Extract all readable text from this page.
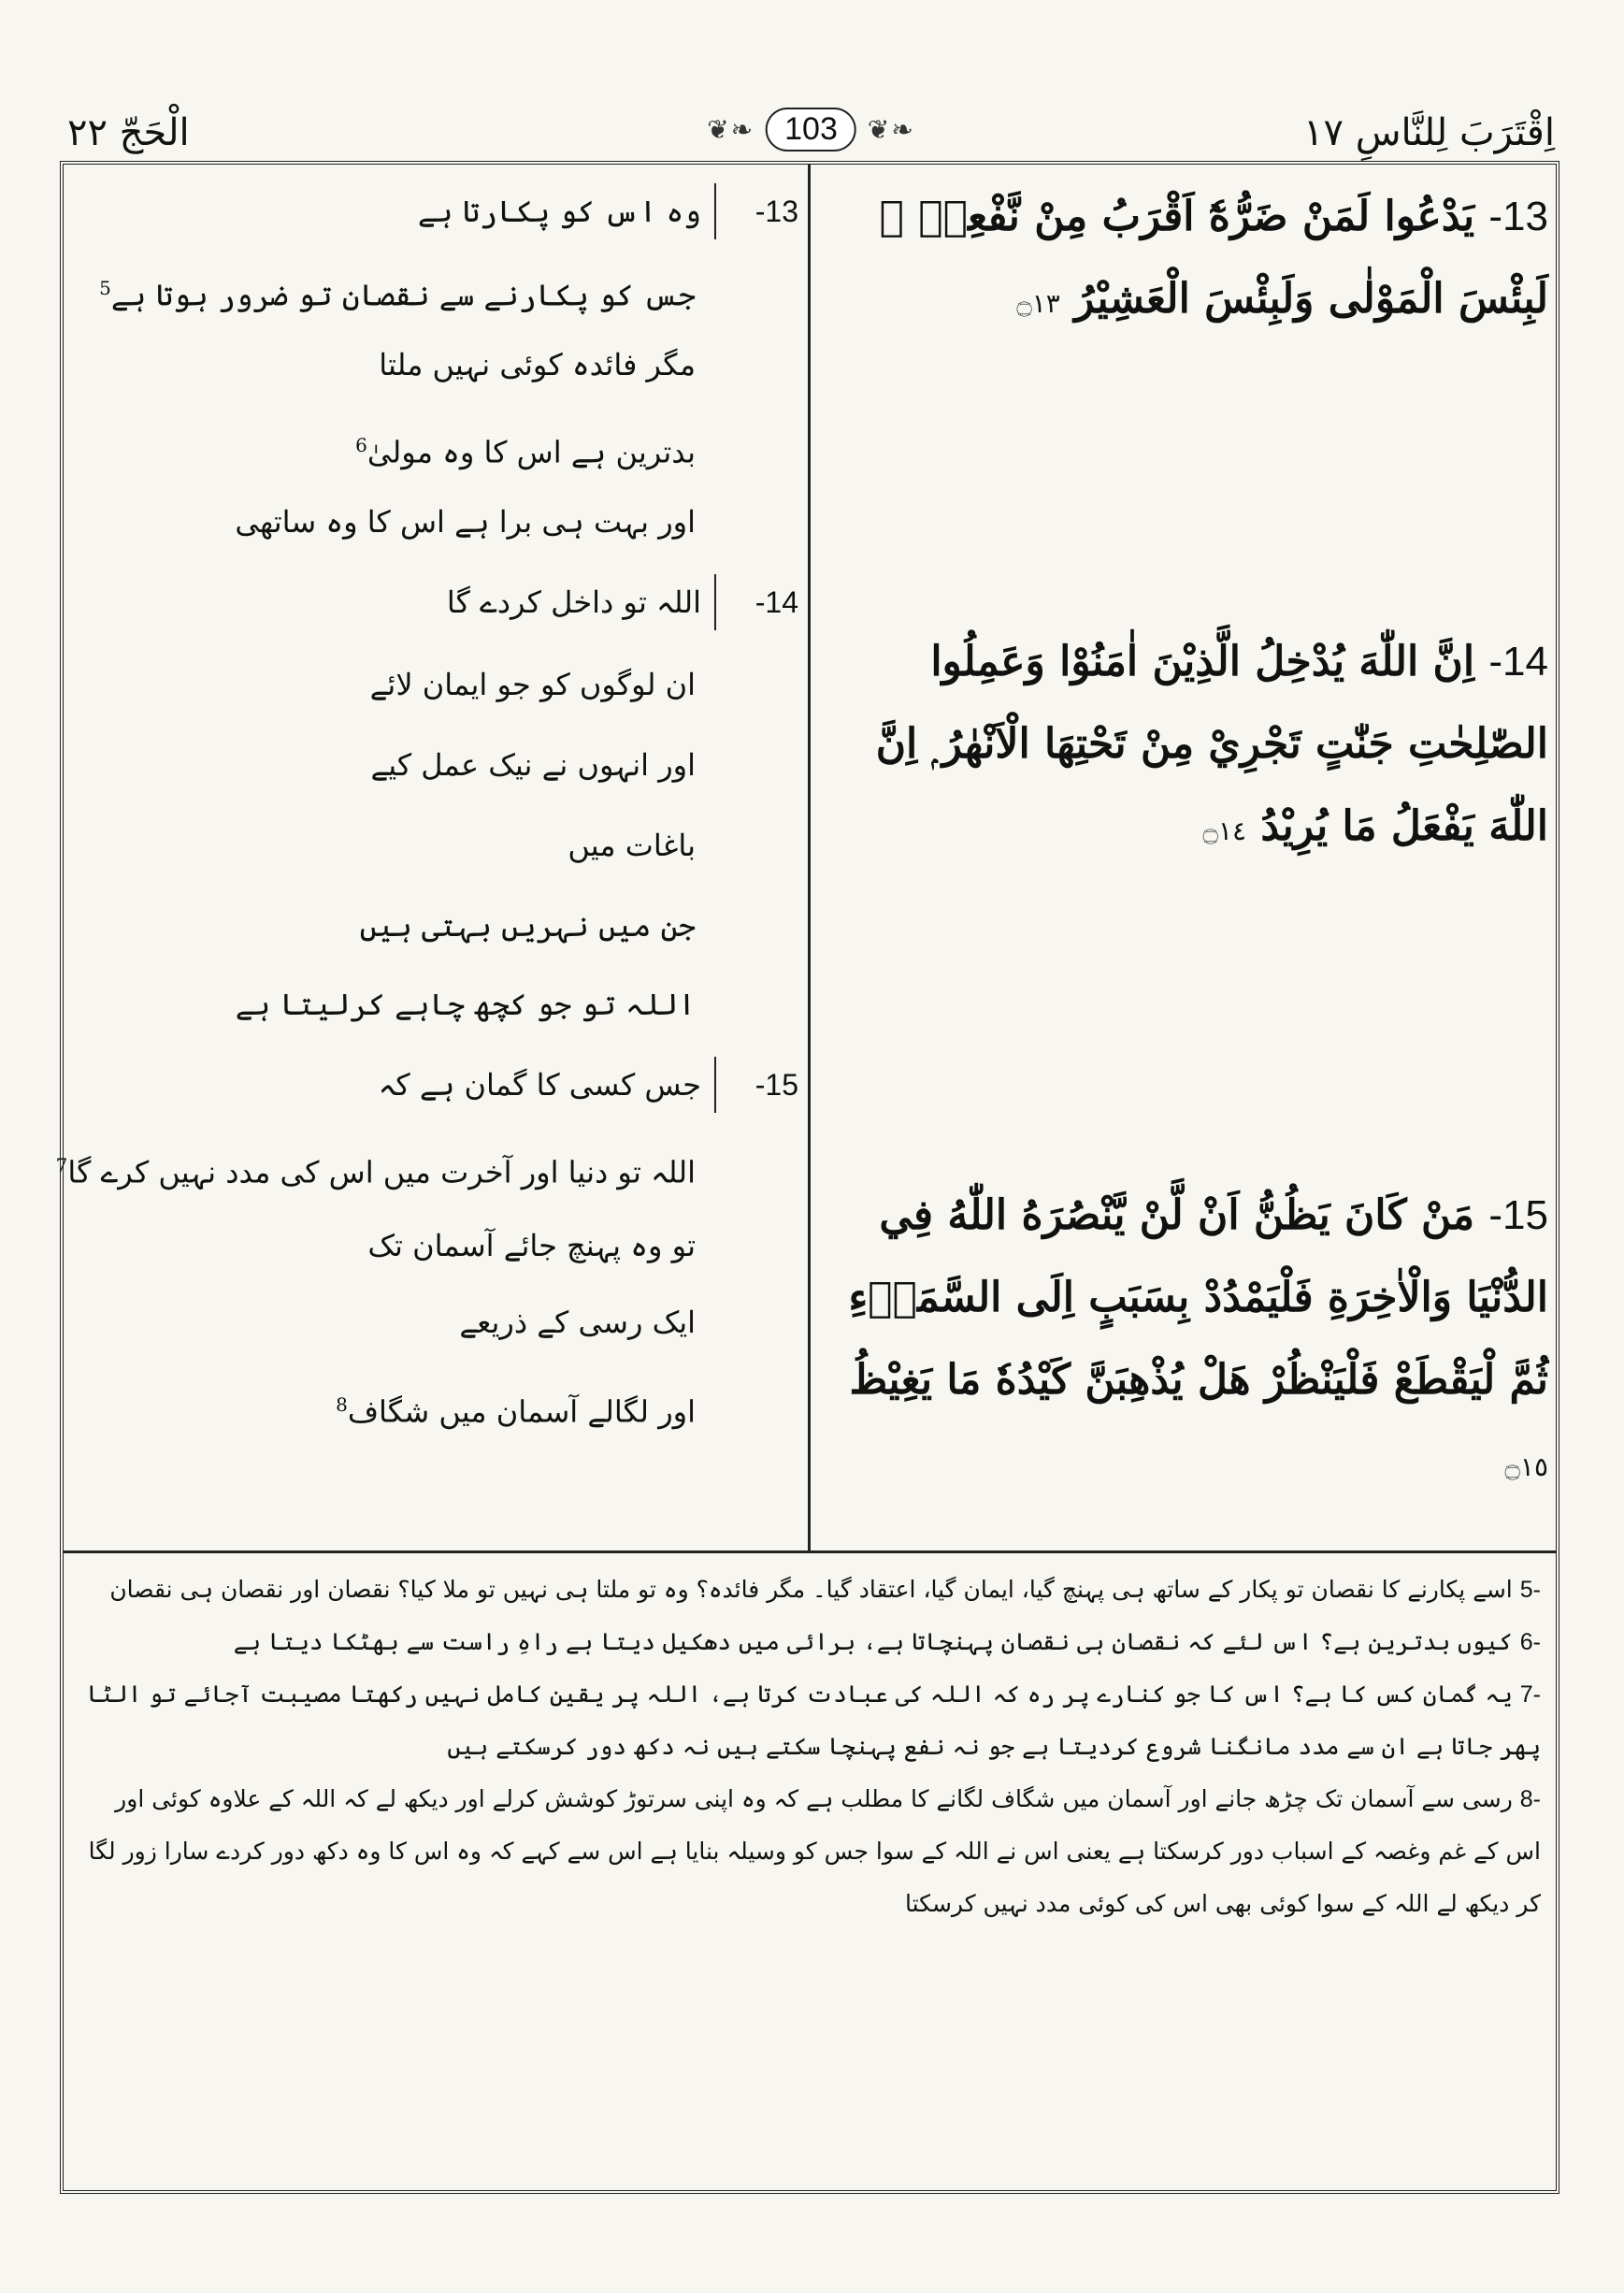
اِقْتَرَبَ لِلنَّاسِ ١٧
❦❧ 103	❦❧
الْحَجّ ٢٢
13- يَدْعُوا لَمَنْ ضَرُّهٗٓ اَقْرَبُ مِنْ نَّفْعِهٖ ۭ لَبِئْسَ الْمَوْلٰى وَلَبِئْسَ الْعَشِيْرُ ۝١٣
14- اِنَّ اللّٰهَ يُدْخِلُ الَّذِيْنَ اٰمَنُوْا وَعَمِلُوا الصّٰلِحٰتِ جَنّٰتٍ تَجْرِيْ مِنْ تَحْتِهَا الْاَنْهٰرُ ۭ اِنَّ اللّٰهَ يَفْعَلُ مَا يُرِيْدُ ۝١٤
15- مَنْ كَانَ يَظُنُّ اَنْ لَّنْ يَّنْصُرَهُ اللّٰهُ فِي الدُّنْيَا وَالْاٰخِرَةِ فَلْيَمْدُدْ بِسَبَبٍ اِلَى السَّمَاۗءِ ثُمَّ لْيَقْطَعْ فَلْيَنْظُرْ هَلْ يُذْهِبَنَّ كَيْدُهٗ مَا يَغِيْظُ ۝١٥
13-وہ اس کو پکارتا ہے
جس کو پکارنے سے نقصان تو ضرور ہوتا ہے$^5$
مگر فائدہ کوئی نہیں ملتا
بدترین ہے اس کا وہ مولیٰ$^6$
اور بہت ہی برا ہے اس کا وہ ساتھی
14-اللہ تو داخل کردے گا
ان لوگوں کو جو ایمان لائے
اور انہوں نے نیک عمل کیے
باغات میں
جن میں نہریں بہتی ہیں
اللہ تو جو کچھ چاہے کرلیتا ہے
15-جس کسی کا گمان ہے کہ
اللہ تو دنیا اور آخرت میں اس کی مدد نہیں کرے گا$^7$
تو وہ پہنچ جائے آسمان تک
ایک رسی کے ذریعے
اور لگالے آسمان میں شگاف$^8$

-5اسے پکارنے کا نقصان تو پکار کے ساتھ ہی پہنچ گیا، ایمان گیا، اعتقاد گیا۔ مگر فائدہ؟ وہ تو ملتا ہی نہیں تو ملا کیا؟ نقصان اور نقصان ہی نقصان

-6کیوں بدترین ہے؟ اس لئے کہ نقصان ہی نقصان پہنچاتا ہے، برائی میں دھکیل دیتا ہے راہِ راست سے بھٹکا دیتا ہے

-7یہ گمان کس کا ہے؟ اس کا جو کنارے پر رہ کہ اللہ کی عبادت کرتا ہے، اللہ پر یقین کامل نہیں رکھتا مصیبت آجائے تو الٹا پھر جاتا ہے ان سے مدد مانگنا شروع کردیتا ہے جو نہ نفع پہنچا سکتے ہیں نہ دکھ دور کرسکتے ہیں

-8رسی سے آسمان تک چڑھ جانے اور آسمان میں شگاف لگانے کا مطلب ہے کہ وہ اپنی سرتوڑ کوشش کرلے اور دیکھ لے کہ اللہ کے علاوہ کوئی اور اس کے غم وغصہ کے اسباب دور کرسکتا ہے یعنی اس نے اللہ کے سوا جس کو وسیلہ بنایا ہے اس سے کہے کہ وہ اس کا وہ دکھ دور کردے سارا زور لگا کر دیکھ لے اللہ کے سوا کوئی بھی اس کی کوئی مدد نہیں کرسکتا
